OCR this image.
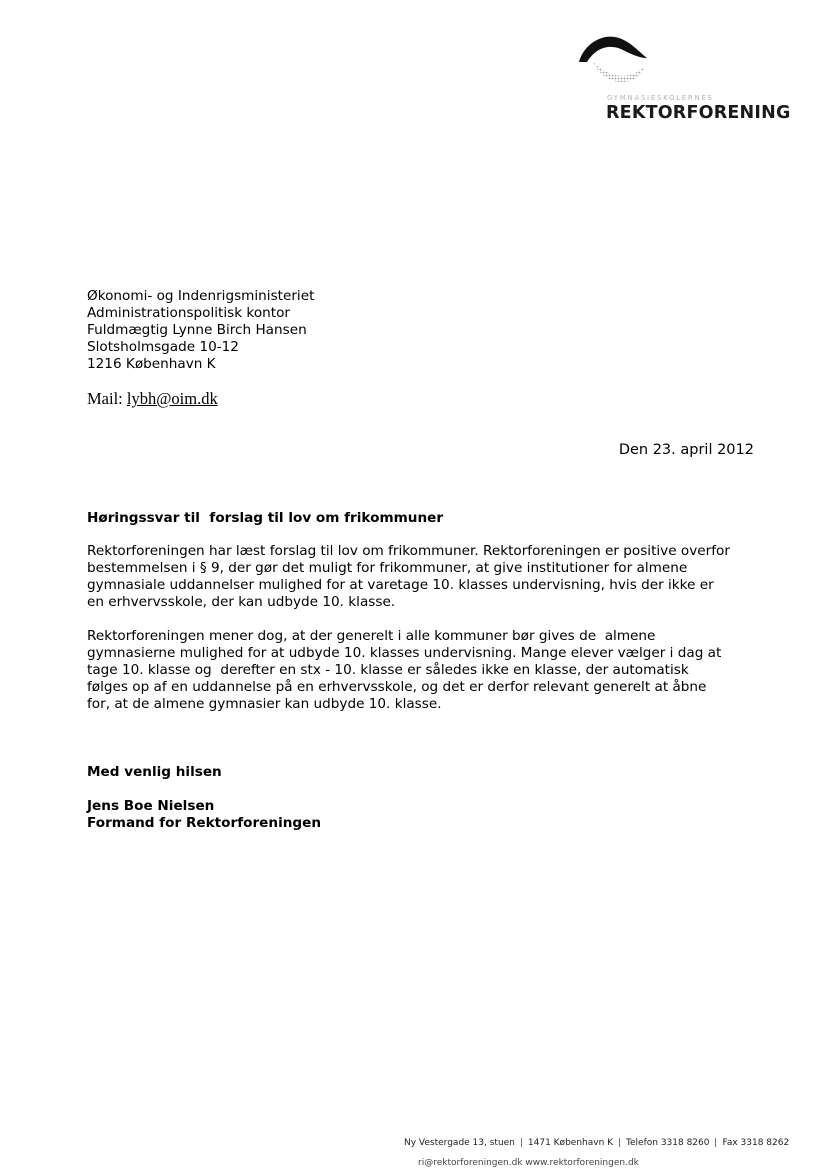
GYMNASIESKOLERNES
REKTORFORENING
Økonomi- og Indenrigsministeriet
Administrationspolitisk kontor
Fuldmægtig Lynne Birch Hansen
Slotsholmsgade 10-12
1216 København K
Mail: lybh@oim.dk
Den 23. april 2012
Høringssvar til  forslag til lov om frikommuner
Rektorforeningen har læst forslag til lov om frikommuner. Rektorforeningen er positive overfor
bestemmelsen i § 9, der gør det muligt for frikommuner, at give institutioner for almene
gymnasiale uddannelser mulighed for at varetage 10. klasses undervisning, hvis der ikke er
en erhvervsskole, der kan udbyde 10. klasse.
Rektorforeningen mener dog, at der generelt i alle kommuner bør gives de  almene
gymnasierne mulighed for at udbyde 10. klasses undervisning. Mange elever vælger i dag at
tage 10. klasse og  derefter en stx - 10. klasse er således ikke en klasse, der automatisk
følges op af en uddannelse på en erhvervsskole, og det er derfor relevant generelt at åbne
for, at de almene gymnasier kan udbyde 10. klasse.
Med venlig hilsen
Jens Boe Nielsen
Formand for Rektorforeningen
Ny Vestergade 13, stuen 1471 København K Telefon 3318 8260 Fax 3318 8262
ri@rektorforeningen.dk www.rektorforeningen.dk
